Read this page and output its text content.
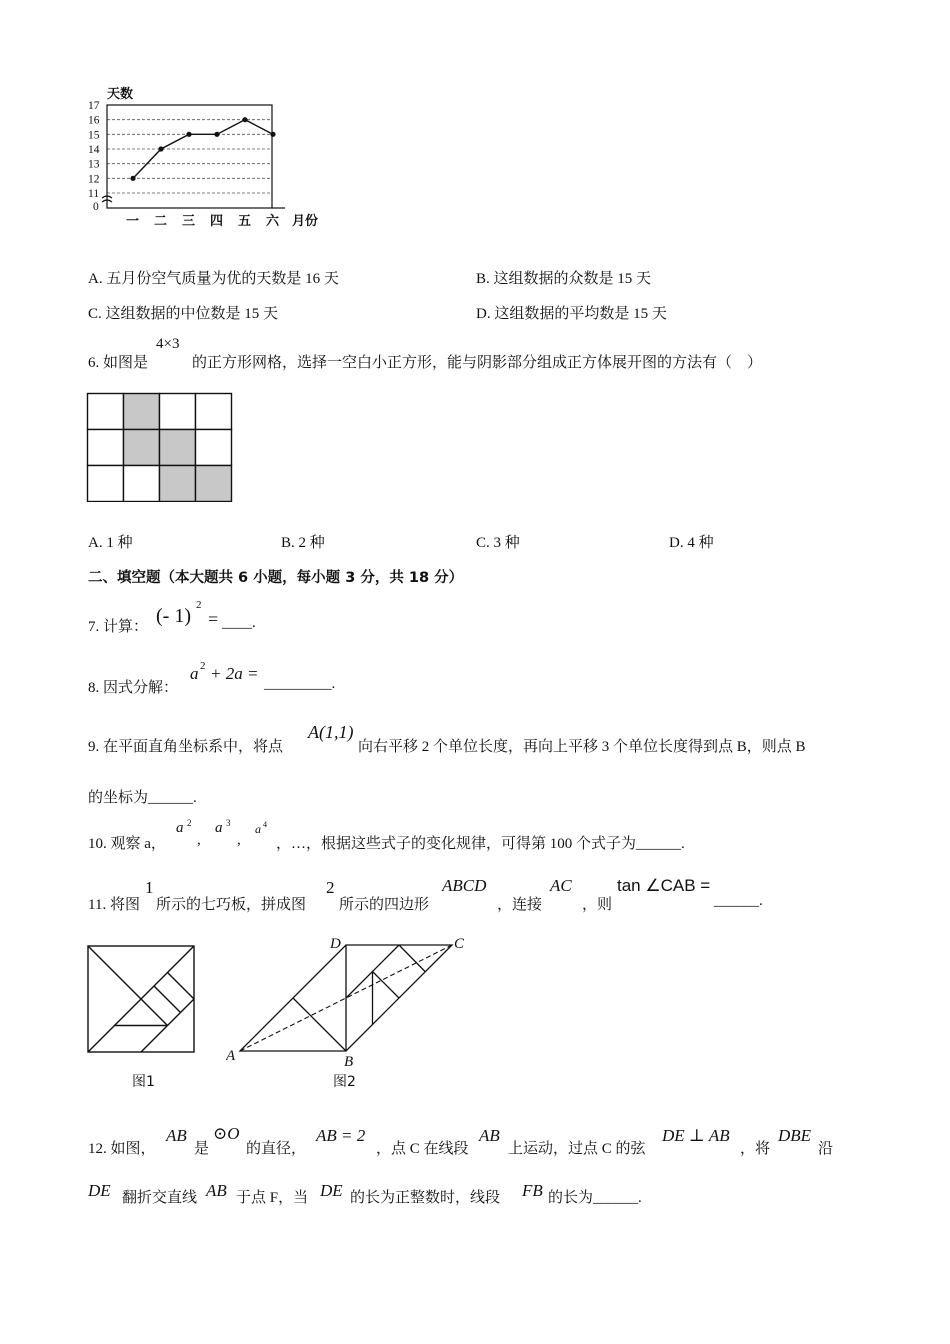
0
11
12
13
14
15
16
17
天数
一 二 三 四 五 六 月份
A. 五月份空气质量为优的天数是 16 天	B. 这组数据的众数是 15 天
C. 这组数据的中位数是 15 天	D. 这组数据的平均数是 15 天
6. 如图是
4×3
的正方形网格，选择一空白小正方形，能与阴影部分组成正方体展开图的方法有（　）
A. 1 种	B. 2 种	C. 3 种	D. 4 种
二、填空题（本大题共 6 小题，每小题 3 分，共 18 分）
7. 计算： (- 1) 2
= ____.
8. 因式分解：
a 2 + 2a =
_________.
9. 在平面直角坐标系中，将点
A(1,1)
向右平移 2 个单位长度，再向上平移 3 个单位长度得到点 B，则点 B
的坐标为______.
10. 观察 a，
a 2
,
a 3
,
a 4
，…，根据这些式子的变化规律，可得第 100 个式子为______.
11. 将图
1
所示的七巧板，拼成图
2
所示的四边形
ABCD
，连接
AC
，则
tan ∠CAB =
______.
图1
D	C
A	B
图2
12. 如图，
AB
是
⊙O
的直径，
AB = 2
，点 C 在线段
AB
上运动，过点 C 的弦
DE ⊥ AB
，将
DBE
沿
DE 翻折交直线 AB 于点 F，当 DE 的长为正整数时，线段 FB 的长为______.
